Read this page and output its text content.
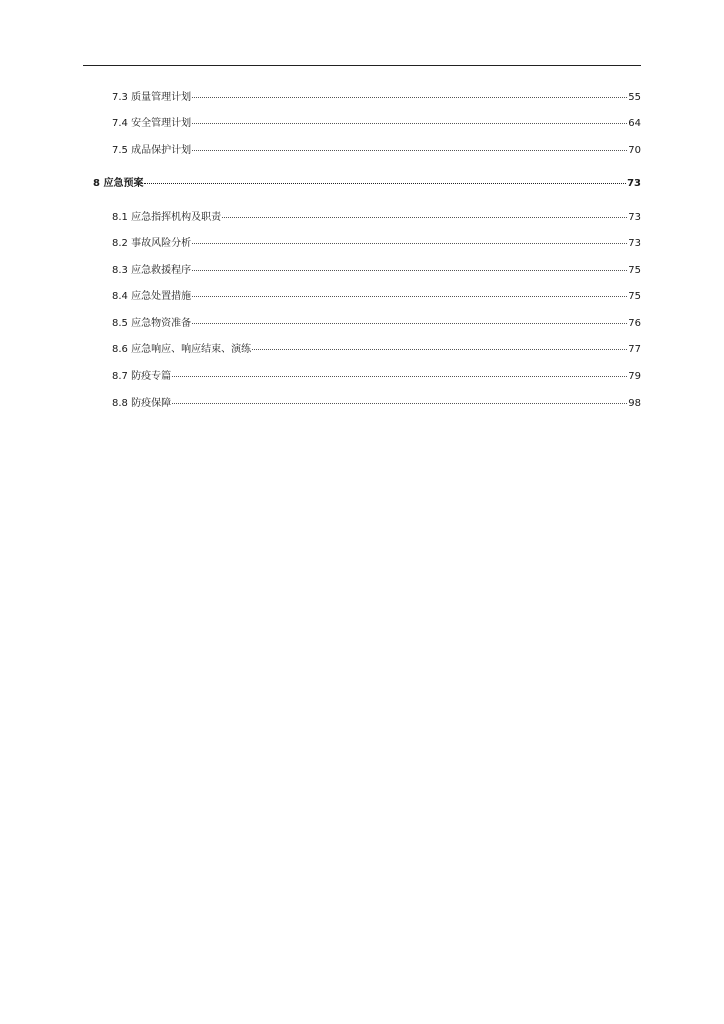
7.3 质量管理计划	55
7.4 安全管理计划	64
7.5 成品保护计划	70
8 应急预案	73
8.1 应急指挥机构及职责	73
8.2 事故风险分析	73
8.3 应急救援程序	75
8.4 应急处置措施	75
8.5 应急物资准备	76
8.6 应急响应、响应结束、演练	77
8.7 防疫专篇	79
8.8 防疫保障	98
